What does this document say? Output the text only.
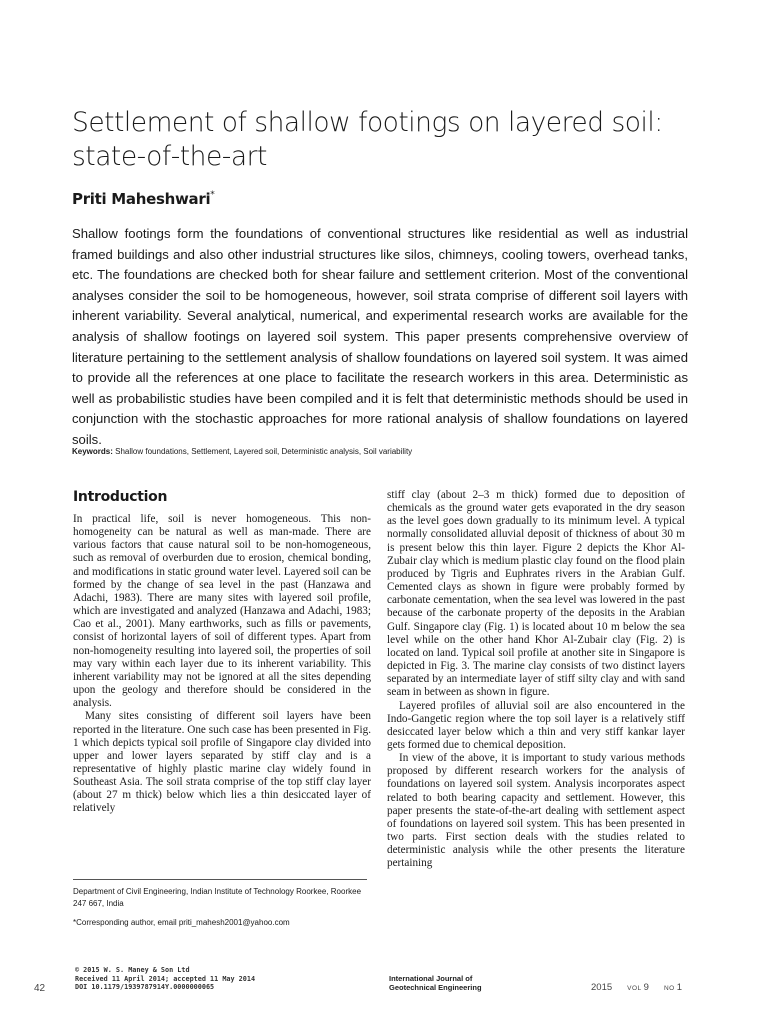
Settlement of shallow footings on layered soil: state-of-the-art
Priti Maheshwari*

Shallow footings form the foundations of conventional structures like residential as well as industrial framed buildings and also other industrial structures like silos, chimneys, cooling towers, overhead tanks, etc. The foundations are checked both for shear failure and settlement criterion. Most of the conventional analyses consider the soil to be homogeneous, however, soil strata comprise of different soil layers with inherent variability. Several analytical, numerical, and experimental research works are available for the analysis of shallow footings on layered soil system. This paper presents comprehensive overview of literature pertaining to the settlement analysis of shallow foundations on layered soil system. It was aimed to provide all the references at one place to facilitate the research workers in this area. Deterministic as well as probabilistic studies have been compiled and it is felt that deterministic methods should be used in conjunction with the stochastic approaches for more rational analysis of shallow foundations on layered soils.

Keywords: Shallow foundations, Settlement, Layered soil, Deterministic analysis, Soil variability
Introduction

In practical life, soil is never homogeneous. This non-homogeneity can be natural as well as man-made. There are various factors that cause natural soil to be non-homogeneous, such as removal of overburden due to erosion, chemical bonding, and modifications in static ground water level. Layered soil can be formed by the change of sea level in the past (Hanzawa and Adachi, 1983). There are many sites with layered soil profile, which are investigated and analyzed (Hanzawa and Adachi, 1983; Cao et al., 2001). Many earthworks, such as fills or pavements, consist of horizontal layers of soil of different types. Apart from non-homogeneity resulting into layered soil, the properties of soil may vary within each layer due to its inherent variability. This inherent variability may not be ignored at all the sites depending upon the geology and therefore should be considered in the analysis.

Many sites consisting of different soil layers have been reported in the literature. One such case has been presented in Fig. 1 which depicts typical soil profile of Singapore clay divided into upper and lower layers separated by stiff clay and is a representative of highly plastic marine clay widely found in Southeast Asia. The soil strata comprise of the top stiff clay layer (about 27 m thick) below which lies a thin desiccated layer of relatively

stiff clay (about 2–3 m thick) formed due to deposition of chemicals as the ground water gets evaporated in the dry season as the level goes down gradually to its minimum level. A typical normally consolidated alluvial deposit of thickness of about 30 m is present below this thin layer. Figure 2 depicts the Khor Al-Zubair clay which is medium plastic clay found on the flood plain produced by Tigris and Euphrates rivers in the Arabian Gulf. Cemented clays as shown in figure were probably formed by carbonate cementation, when the sea level was lowered in the past because of the carbonate property of the deposits in the Arabian Gulf. Singapore clay (Fig. 1) is located about 10 m below the sea level while on the other hand Khor Al-Zubair clay (Fig. 2) is located on land. Typical soil profile at another site in Singapore is depicted in Fig. 3. The marine clay consists of two distinct layers separated by an intermediate layer of stiff silty clay and with sand seam in between as shown in figure.

Layered profiles of alluvial soil are also encountered in the Indo-Gangetic region where the top soil layer is a relatively stiff desiccated layer below which a thin and very stiff kankar layer gets formed due to chemical deposition.

In view of the above, it is important to study various methods proposed by different research workers for the analysis of foundations on layered soil system. Analysis incorporates aspect related to both bearing capacity and settlement. However, this paper presents the state-of-the-art dealing with settlement aspect of foundations on layered soil system. This has been presented in two parts. First section deals with the studies related to deterministic analysis while the other presents the literature pertaining

Department of Civil Engineering, Indian Institute of Technology Roorkee, Roorkee 247 667, India
*Corresponding author, email priti_mahesh2001@yahoo.com
42
© 2015 W. S. Maney & Son Ltd
Received 11 April 2014; accepted 11 May 2014
DOI 10.1179/1939787914Y.0000000065
International Journal of
Geotechnical Engineering	2015 VOL 9 NO 1
